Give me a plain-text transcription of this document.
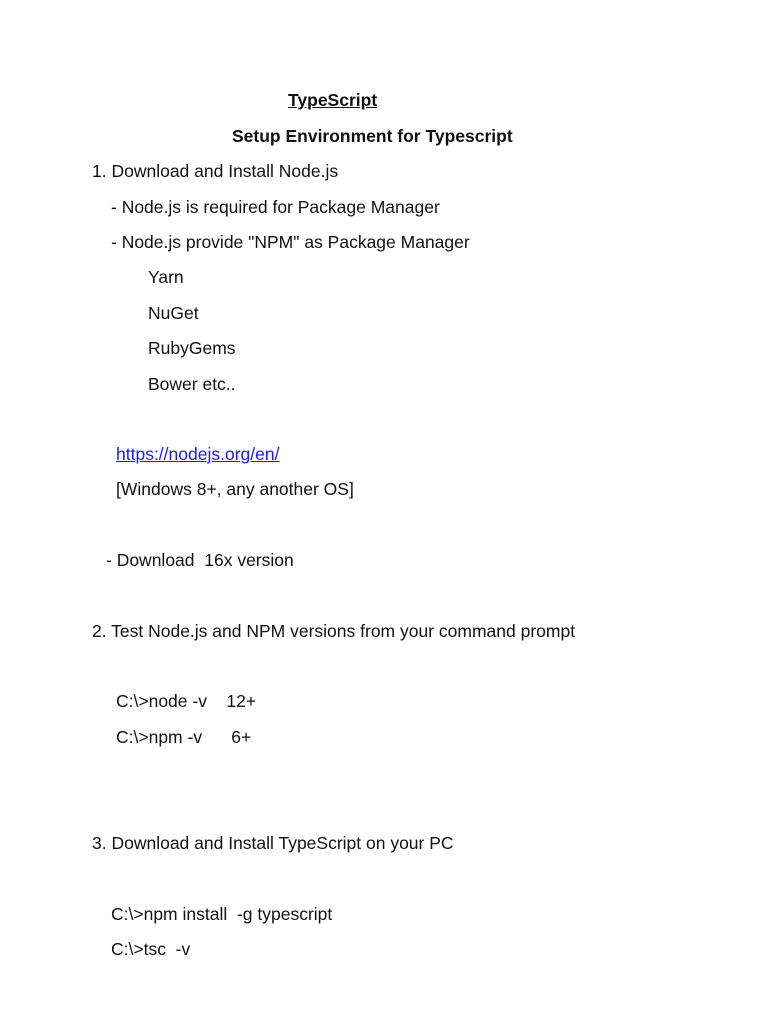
TypeScript
Setup Environment for Typescript
1. Download and Install Node.js
- Node.js is required for Package Manager
- Node.js provide "NPM" as Package Manager
Yarn
NuGet
RubyGems
Bower etc..
https://nodejs.org/en/
[Windows 8+, any another OS]
- Download  16x version
2. Test Node.js and NPM versions from your command prompt
C:\>node -v    12+
C:\>npm -v      6+
3. Download and Install TypeScript on your PC
C:\>npm install  -g typescript
C:\>tsc  -v
